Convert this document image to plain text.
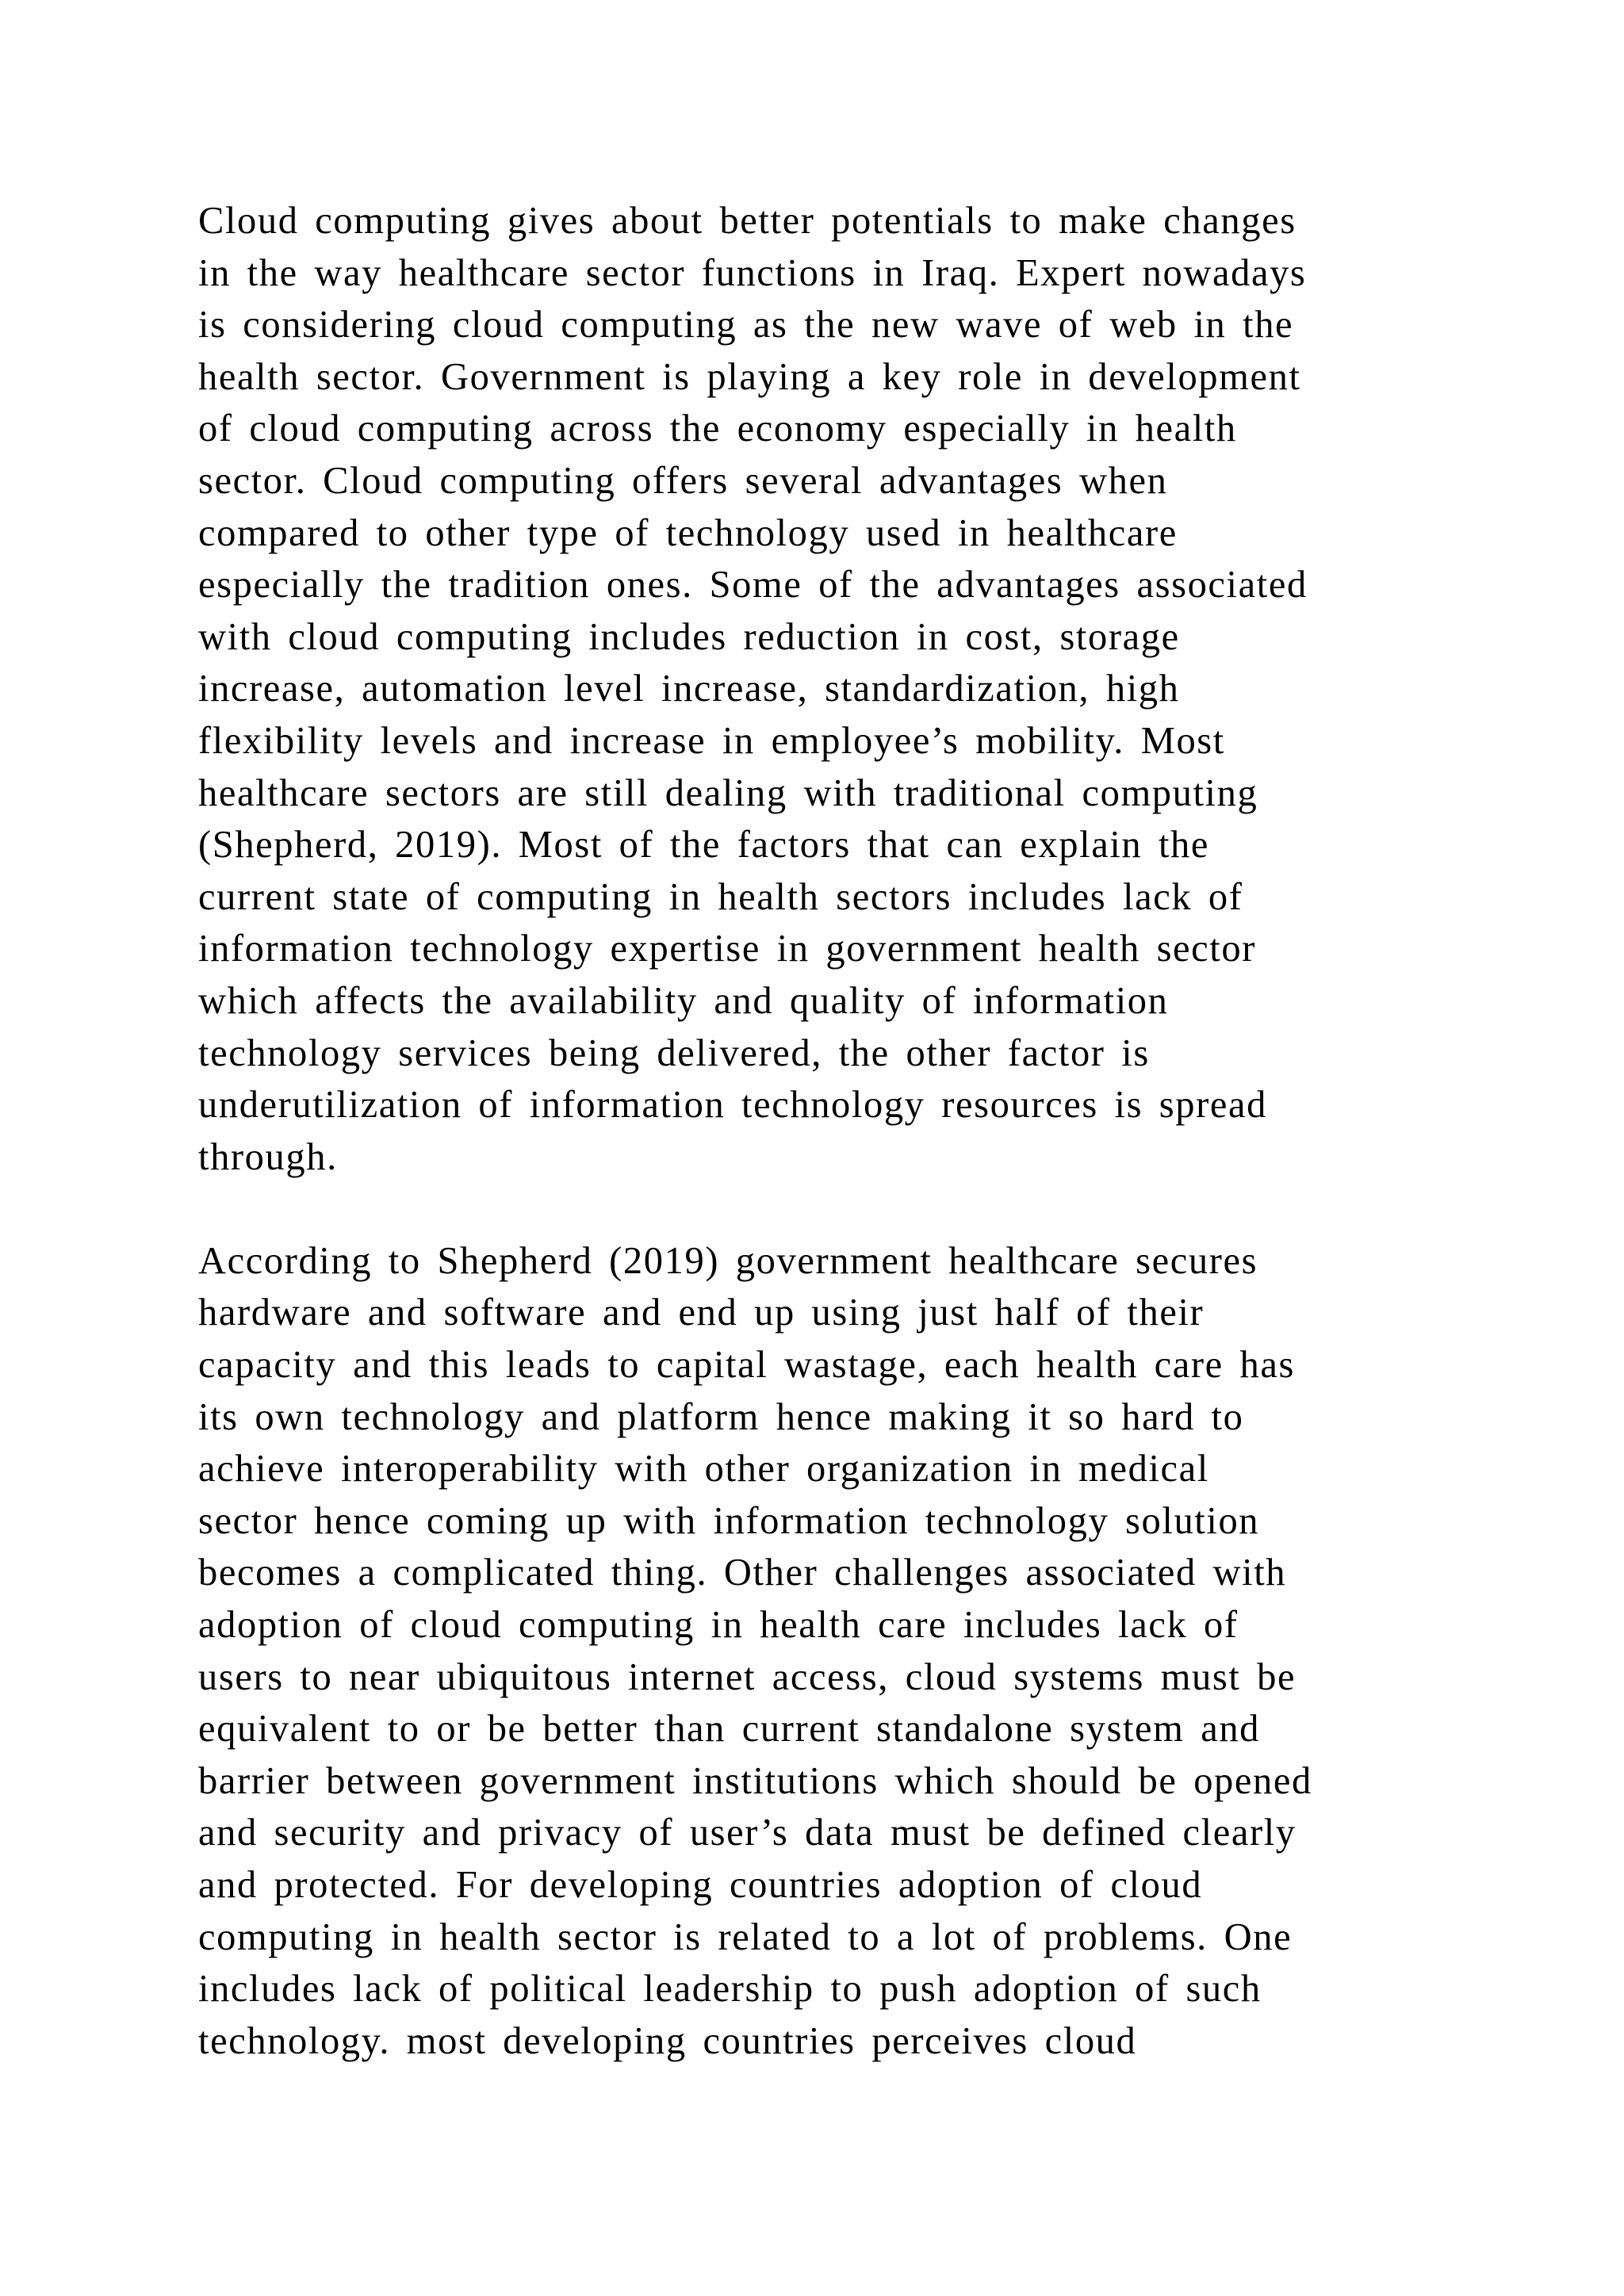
Cloud computing gives about better potentials to make changes
in the way healthcare sector functions in Iraq. Expert nowadays
is considering cloud computing as the new wave of web in the
health sector. Government is playing a key role in development
of cloud computing across the economy especially in health
sector. Cloud computing offers several advantages when
compared to other type of technology used in healthcare
especially the tradition ones. Some of the advantages associated
with cloud computing includes reduction in cost, storage
increase, automation level increase, standardization, high
flexibility levels and increase in employee’s mobility. Most
healthcare sectors are still dealing with traditional computing
(Shepherd, 2019). Most of the factors that can explain the
current state of computing in health sectors includes lack of
information technology expertise in government health sector
which affects the availability and quality of information
technology services being delivered, the other factor is
underutilization of information technology resources is spread
through.
According to Shepherd (2019) government healthcare secures
hardware and software and end up using just half of their
capacity and this leads to capital wastage, each health care has
its own technology and platform hence making it so hard to
achieve interoperability with other organization in medical
sector hence coming up with information technology solution
becomes a complicated thing. Other challenges associated with
adoption of cloud computing in health care includes lack of
users to near ubiquitous internet access, cloud systems must be
equivalent to or be better than current standalone system and
barrier between government institutions which should be opened
and security and privacy of user’s data must be defined clearly
and protected. For developing countries adoption of cloud
computing in health sector is related to a lot of problems. One
includes lack of political leadership to push adoption of such
technology. most developing countries perceives cloud
